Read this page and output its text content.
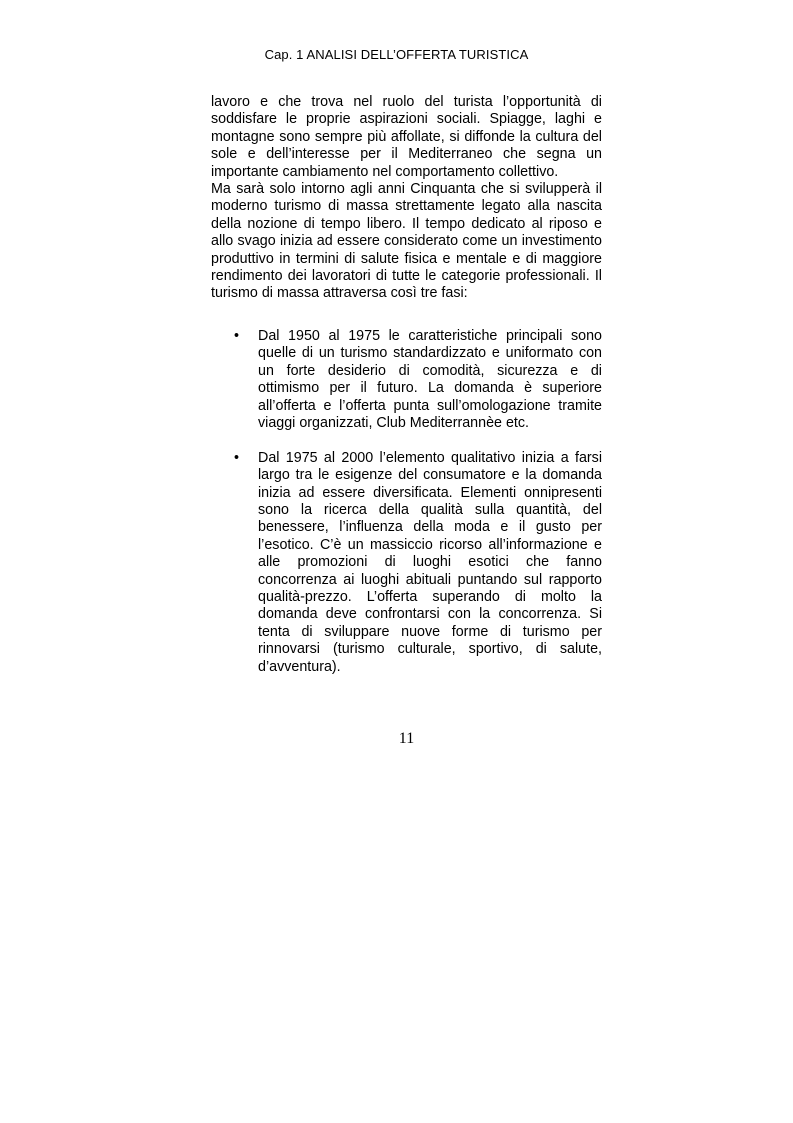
Cap. 1 ANALISI DELL’OFFERTA TURISTICA

lavoro e che trova nel ruolo del turista l’opportunità di soddisfare le proprie aspirazioni sociali. Spiagge, laghi e montagne sono sempre più affollate, si diffonde la cultura del sole e dell’interesse per il Mediterraneo che segna un importante cambiamento nel comportamento collettivo.

Ma sarà solo intorno agli anni Cinquanta che si svilupperà il moderno turismo di massa strettamente legato alla nascita della nozione di tempo libero. Il tempo dedicato al riposo e allo svago inizia ad essere considerato come un investimento produttivo in termini di salute fisica e mentale e di maggiore rendimento dei lavoratori di tutte le categorie professionali. Il turismo di massa attraversa così tre fasi:

• Dal 1950 al 1975 le caratteristiche principali sono quelle di un turismo standardizzato e uniformato con un forte desiderio di comodità, sicurezza e di ottimismo per il futuro. La domanda è superiore all’offerta e l’offerta punta sull’omologazione tramite viaggi organizzati, Club Mediterrannèe etc.
• Dal 1975 al 2000 l’elemento qualitativo inizia a farsi largo tra le esigenze del consumatore e la domanda inizia ad essere diversificata. Elementi onnipresenti sono la ricerca della qualità sulla quantità, del benessere, l’influenza della moda e il gusto per l’esotico. C’è un massiccio ricorso all’informazione e alle promozioni di luoghi esotici che fanno concorrenza ai luoghi abituali puntando sul rapporto qualità-prezzo. L’offerta superando di molto la domanda deve confrontarsi con la concorrenza. Si tenta di sviluppare nuove forme di turismo per rinnovarsi (turismo culturale, sportivo, di salute, d’avventura).
11
